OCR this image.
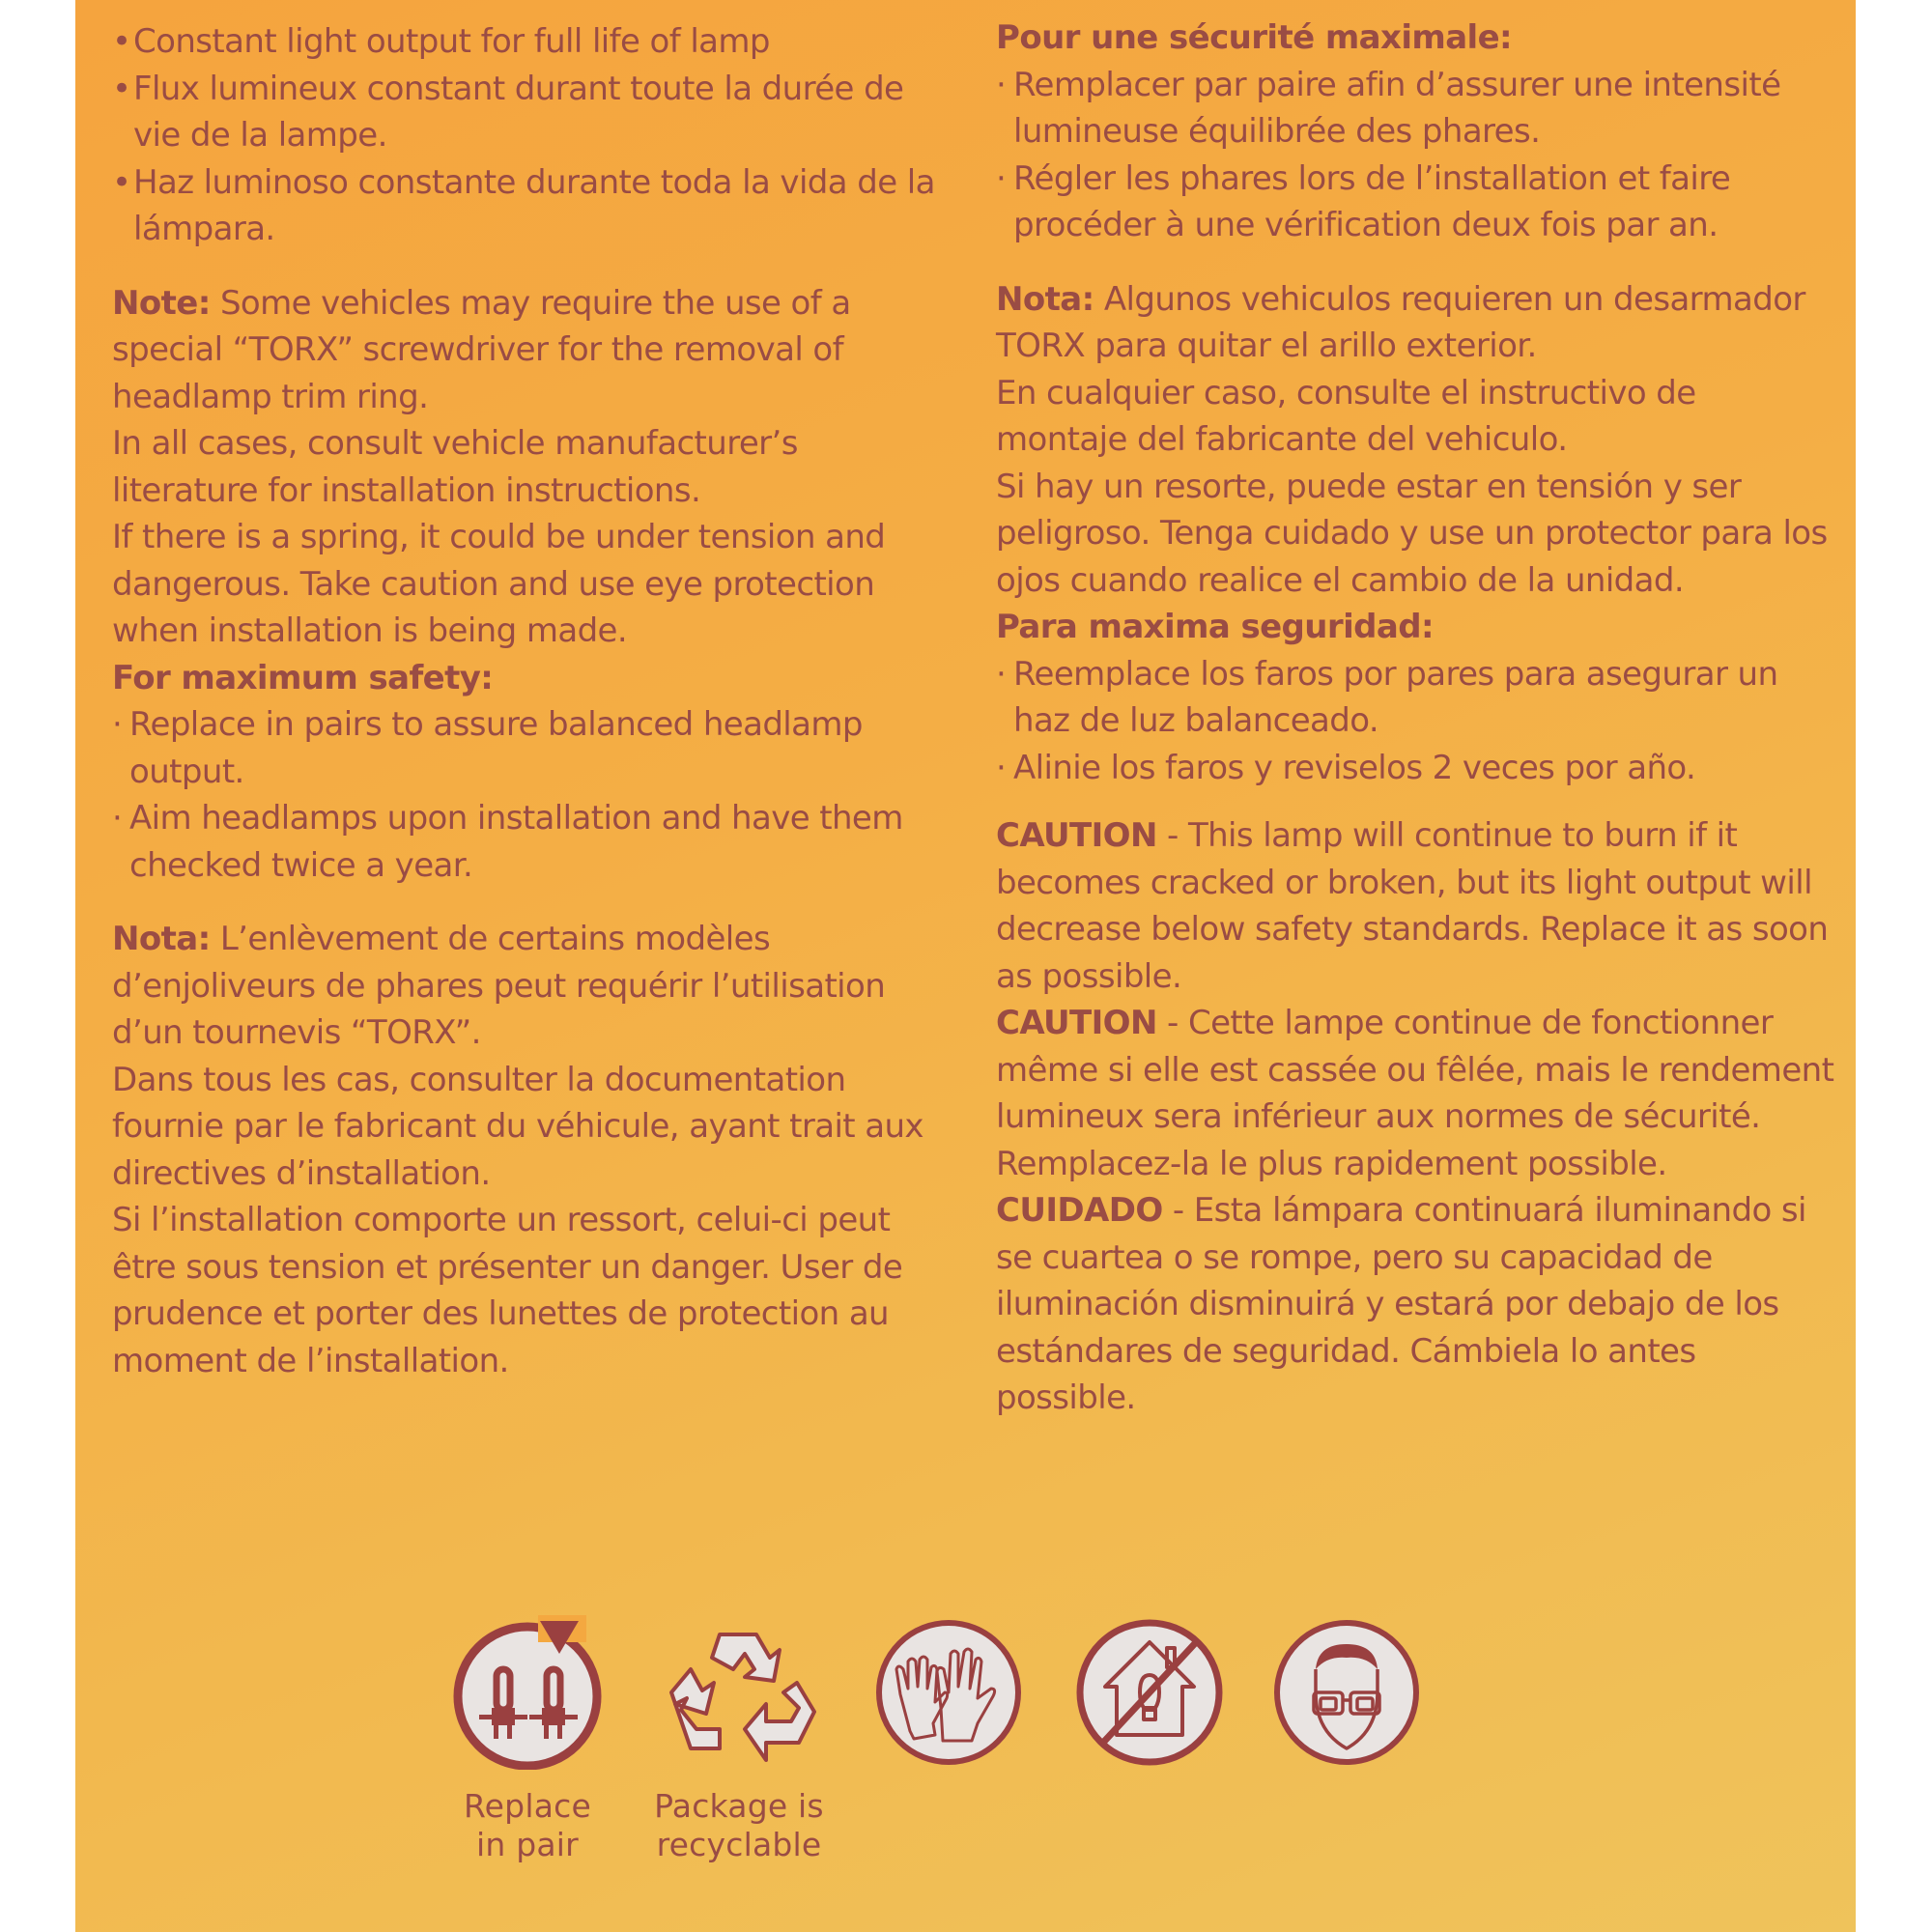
• Constant light output for full life of lamp

• Flux lumineux constant durant toute la durée de vie de la lampe.

• Haz luminoso constante durante toda la vida de la lámpara.

Note: Some vehicles may require the use of a special “TORX” screwdriver for the removal of headlamp trim ring.

In all cases, consult vehicle manufacturer’s literature for installation instructions.

If there is a spring, it could be under tension and dangerous. Take caution and use eye protection when installation is being made.

For maximum safety:

· Replace in pairs to assure balanced headlamp output.

· Aim headlamps upon installation and have them checked twice a year.

Nota: L’enlèvement de certains modèles d’enjoliveurs de phares peut requérir l’utilisation d’un tournevis “TORX”.

Dans tous les cas, consulter la documentation fournie par le fabricant du véhicule, ayant trait aux directives d’installation.

Si l’installation comporte un ressort, celui-ci peut être sous tension et présenter un danger. User de prudence et porter des lunettes de protection au moment de l’installation.

Pour une sécurité maximale:

· Remplacer par paire afin d’assurer une intensité lumineuse équilibrée des phares.

· Régler les phares lors de l’installation et faire procéder à une vérification deux fois par an.

Nota: Algunos vehiculos requieren un desarmador TORX para quitar el arillo exterior.

En cualquier caso, consulte el instructivo de montaje del fabricante del vehiculo.

Si hay un resorte, puede estar en tensión y ser peligroso. Tenga cuidado y use un protector para los ojos cuando realice el cambio de la unidad.

Para maxima seguridad:

· Reemplace los faros por pares para asegurar un haz de luz balanceado.

· Alinie los faros y reviselos 2 veces por año.

CAUTION - This lamp will continue to burn if it becomes cracked or broken, but its light output will decrease below safety standards. Replace it as soon as possible.

CAUTION - Cette lampe continue de fonctionner même si elle est cassée ou fêlée, mais le rendement lumineux sera inférieur aux normes de sécurité. Remplacez-la le plus rapidement possible.

CUIDADO - Esta lámpara continuará iluminando si se cuartea o se rompe, pero su capacidad de iluminación disminuirá y estará por debajo de los estándares de seguridad. Cámbiela lo antes possible.

Replace
in pair
Package is
recyclable
